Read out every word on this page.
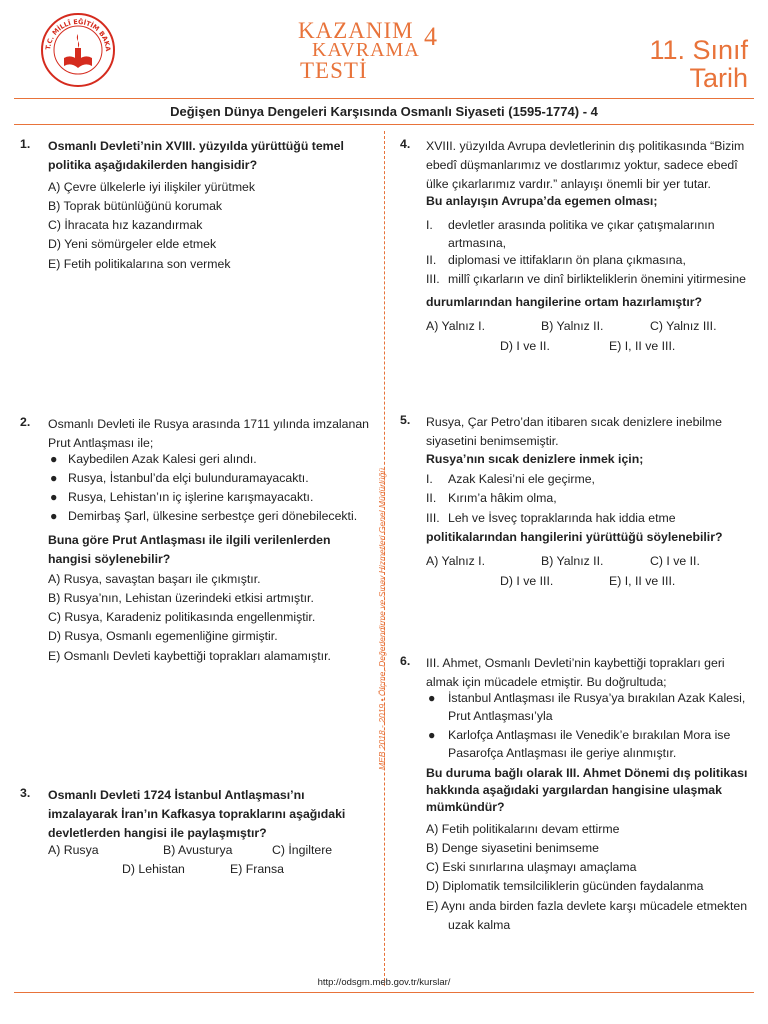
T.C. MİLLÎ EĞİTİM BAKA
KAZANIM
KAVRAMA
TESTİ
4	11. Sınıf
Tarih
Değişen Dünya Dengeleri Karşısında Osmanlı Siyaseti (1595-1774) - 4
MEB 2018 - 2019 • Ölçme, Değerlendirme ve Sınav Hizmetleri Genel Müdürlüğü
1. Osmanlı Devleti’nin XVIII. yüzyılda yürüttüğü temel politika aşağıdakilerden hangisidir?
A) Çevre ülkelerle iyi ilişkiler yürütmek
B) Toprak bütünlüğünü korumak
C) İhracata hız kazandırmak
D) Yeni sömürgeler elde etmek
E) Fetih politikalarına son vermek
2. Osmanlı Devleti ile Rusya arasında 1711 yılında imzalanan Prut Antlaşması ile;
● Kaybedilen Azak Kalesi geri alındı.
● Rusya, İstanbul’da elçi bulunduramayacaktı.
● Rusya, Lehistan’ın iç işlerine karışmayacaktı.
● Demirbaş Şarl, ülkesine serbestçe geri dönebilecekti.
Buna göre Prut Antlaşması ile ilgili verilenlerden hangisi söylenebilir?
A) Rusya, savaştan başarı ile çıkmıştır.
B) Rusya’nın, Lehistan üzerindeki etkisi artmıştır.
C) Rusya, Karadeniz politikasında engellenmiştir.
D) Rusya, Osmanlı egemenliğine girmiştir.
E) Osmanlı Devleti kaybettiği toprakları alamamıştır.
3. Osmanlı Devleti 1724 İstanbul Antlaşması’nı imzalayarak İran’ın Kafkasya topraklarını aşağıdaki devletlerden hangisi ile paylaşmıştır?
A) Rusya	B) Avusturya	C) İngiltere
D) Lehistan	E) Fransa
4. XVIII. yüzyılda Avrupa devletlerinin dış politikasında “Bizim ebedî düşmanlarımız ve dostlarımız yoktur, sadece ebedî ülke çıkarlarımız vardır.” anlayışı önemli bir yer tutar.
Bu anlayışın Avrupa’da egemen olması;
I. devletler arasında politika ve çıkar çatışmalarının artmasına,
II. diplomasi ve ittifakların ön plana çıkmasına,
III. millî çıkarların ve dinî birlikteliklerin önemini yitirmesine
durumlarından hangilerine ortam hazırlamıştır?
A) Yalnız I.	B) Yalnız II.	C) Yalnız III.
D) I ve II.	E) I, II ve III.
5. Rusya, Çar Petro’dan itibaren sıcak denizlere inebilme siyasetini benimsemiştir.
Rusya’nın sıcak denizlere inmek için;
I. Azak Kalesi’ni ele geçirme,
II. Kırım’a hâkim olma,
III. Leh ve İsveç topraklarında hak iddia etme
politikalarından hangilerini yürüttüğü söylenebilir?
A) Yalnız I.	B) Yalnız II.	C) I ve II.
D) I ve III.	E) I, II ve III.
6. III. Ahmet, Osmanlı Devleti’nin kaybettiği toprakları geri almak için mücadele etmiştir. Bu doğrultuda;
● İstanbul Antlaşması ile Rusya’ya bırakılan Azak Kalesi, Prut Antlaşması’yla
● Karlofça Antlaşması ile Venedik’e bırakılan Mora ise Pasarofça Antlaşması ile geriye alınmıştır.
Bu duruma bağlı olarak III. Ahmet Dönemi dış politikası hakkında aşağıdaki yargılardan hangisine ulaşmak mümkündür?
A) Fetih politikalarını devam ettirme
B) Denge siyasetini benimseme
C) Eski sınırlarına ulaşmayı amaçlama
D) Diplomatik temsilciliklerin gücünden faydalanma
E) Aynı anda birden fazla devlete karşı mücadele etmekten uzak kalma
http://odsgm.meb.gov.tr/kurslar/
